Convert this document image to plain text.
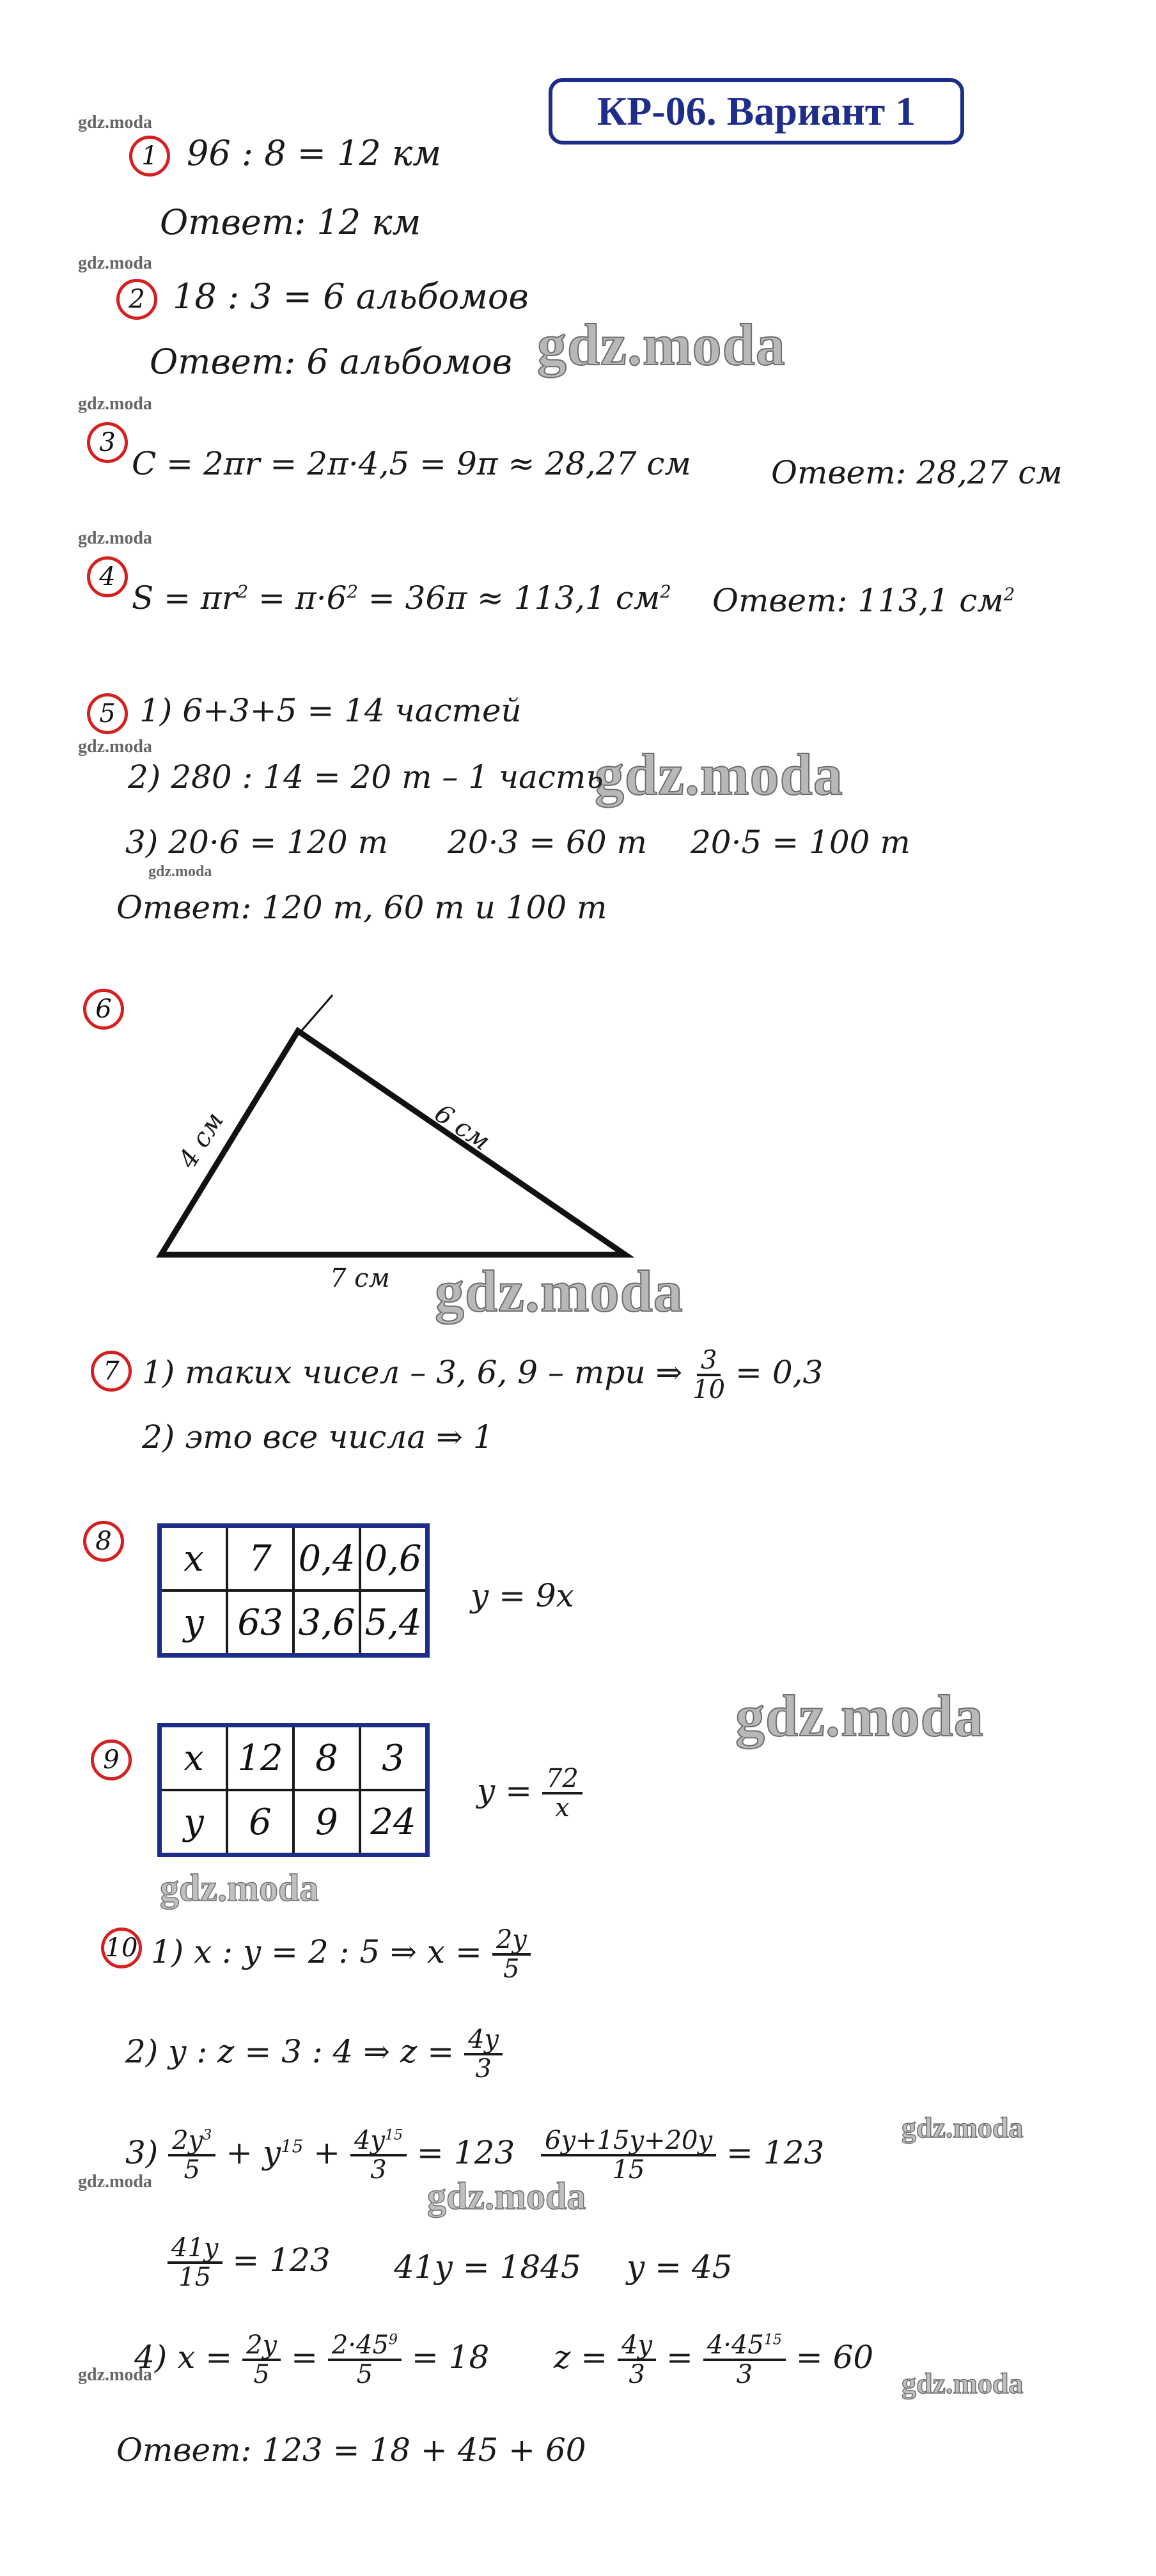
КР-06. Вариант 1
gdz.moda
gdz.moda
gdz.moda
gdz.moda
gdz.moda
gdz.moda
gdz.moda
gdz.moda
gdz.moda
gdz.moda
gdz.moda
gdz.moda
gdz.moda
gdz.moda
gdz.moda
gdz.moda
1 96 : 8 = 12 км
Ответ: 12 км
2 18 : 3 = 6 альбомов
Ответ: 6 альбомов
3
C = 2πr = 2π·4,5 = 9π ≈ 28,27 см	Ответ: 28,27 см
4
$S = \pi r^2 = \pi\cdot 6^2 = 36\pi \approx 113,1$ $см^2$ Ответ: 113,1 $см^2$
5 1) 6+3+5 = 14 частей
2) 280 : 14 = 20 т – 1 часть
3) 20·6 = 120 т 20·3 = 60 т 20·5 = 100 т
Ответ: 120 т, 60 т и 100 т
6
4 см	6 см
7 см
7 1) таких чисел – 3, 6, 9 – три ⇒ $\frac{3}{10} = 0,3$
2) это все числа ⇒ 1
8	x	7	0,4	0,6
y	63	3,6	5,4
y = 9x
9	x	12	8	3
y	6	9	24
$y = \frac{72}{x}$
10 1) x : y = 2 : 5 ⇒ $x = \frac{2y}{5}$
2) y : z = 3 : 4 ⇒ $z = \frac{4y}{3}$
$3) \frac{2y^3}{5} + y^{15} + \frac{4y^{15}}{3} = 123 \frac{6y+15y+20y}{15} = 123$
$\frac{41y}{15} = 123$ 41y = 1845 y = 45
4) $x = \frac{2y}{5} = \frac{2\cdot 45^9}{5} = 18$ $z = \frac{4y}{3} = \frac{4\cdot 45^{15}}{3} = 60$
Ответ: 123 = 18 + 45 + 60
